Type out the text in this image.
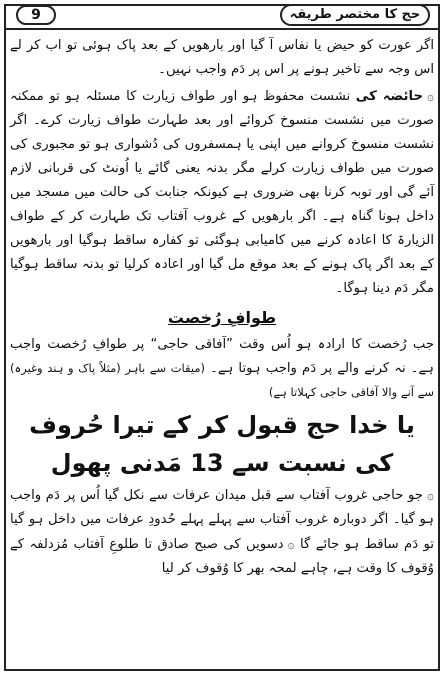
9	حج کا مختصر طریقہ

اگر عورت کو حیض یا نفاس آ گیا اور بارھویں کے بعد پاک ہوئی تو اب کر لے اس وجہ سے تاخیر ہونے پر اس پر دَم واجب نہیں۔

۞حائضہ کی نشست محفوظ ہو اور طواف زیارت کا مسئلہ ہو تو ممکنہ صورت میں نشست منسوخ کروائے اور بعد طہارت طواف زیارت کرے۔ اگر نشست منسوخ کروانے میں اپنی یا ہمسفروں کی دُشواری ہو تو مجبوری کی صورت میں طواف زیارت کرلے مگر بدنہ یعنی گائے یا اُونٹ کی قربانی لازم آئے گی اور توبہ کرنا بھی ضروری ہے کیونکہ جنابت کی حالت میں مسجد میں داخل ہونا گناہ ہے۔ اگر بارھویں کے غروب آفتاب تک طہارت کر کے طواف الزیارۃ کا اعادہ کرنے میں کامیابی ہوگئی تو کفارہ ساقط ہوگیا اور بارھویں کے بعد اگر پاک ہونے کے بعد موقع مل گیا اور اعادہ کرلیا تو بدنہ ساقط ہوگیا مگر دَم دینا ہوگا۔

طوافِ رُخصت

جب رُخصت کا ارادہ ہو اُس وقت ”آفاقی حاجی“ پر طوافِ رُخصت واجب ہے۔ نہ کرنے والے پر دَم واجب ہوتا ہے۔ (میقات سے باہر (مثلاً پاک و ہند وغیرہ) سے آنے والا آفاقی حاجی کہلاتا ہے)

یا خدا حج قبول کر کے تیرا حُروف
کی نسبت سے 13 مَدنی پھول

۞جو حاجی غروب آفتاب سے قبل میدان عرفات سے نکل گیا اُس پر دَم واجب ہو گیا۔ اگر دوبارہ غروب آفتاب سے پہلے پہلے حُدودِ عرفات میں داخل ہو گیا تو دَم ساقط ہو جائے گا ۞دسویں کی صبح صادق تا طلوعِ آفتاب مُزدلفہ کے وُقوف کا وقت ہے، چاہے لمحہ بھر کا وُقوف کر لیا
